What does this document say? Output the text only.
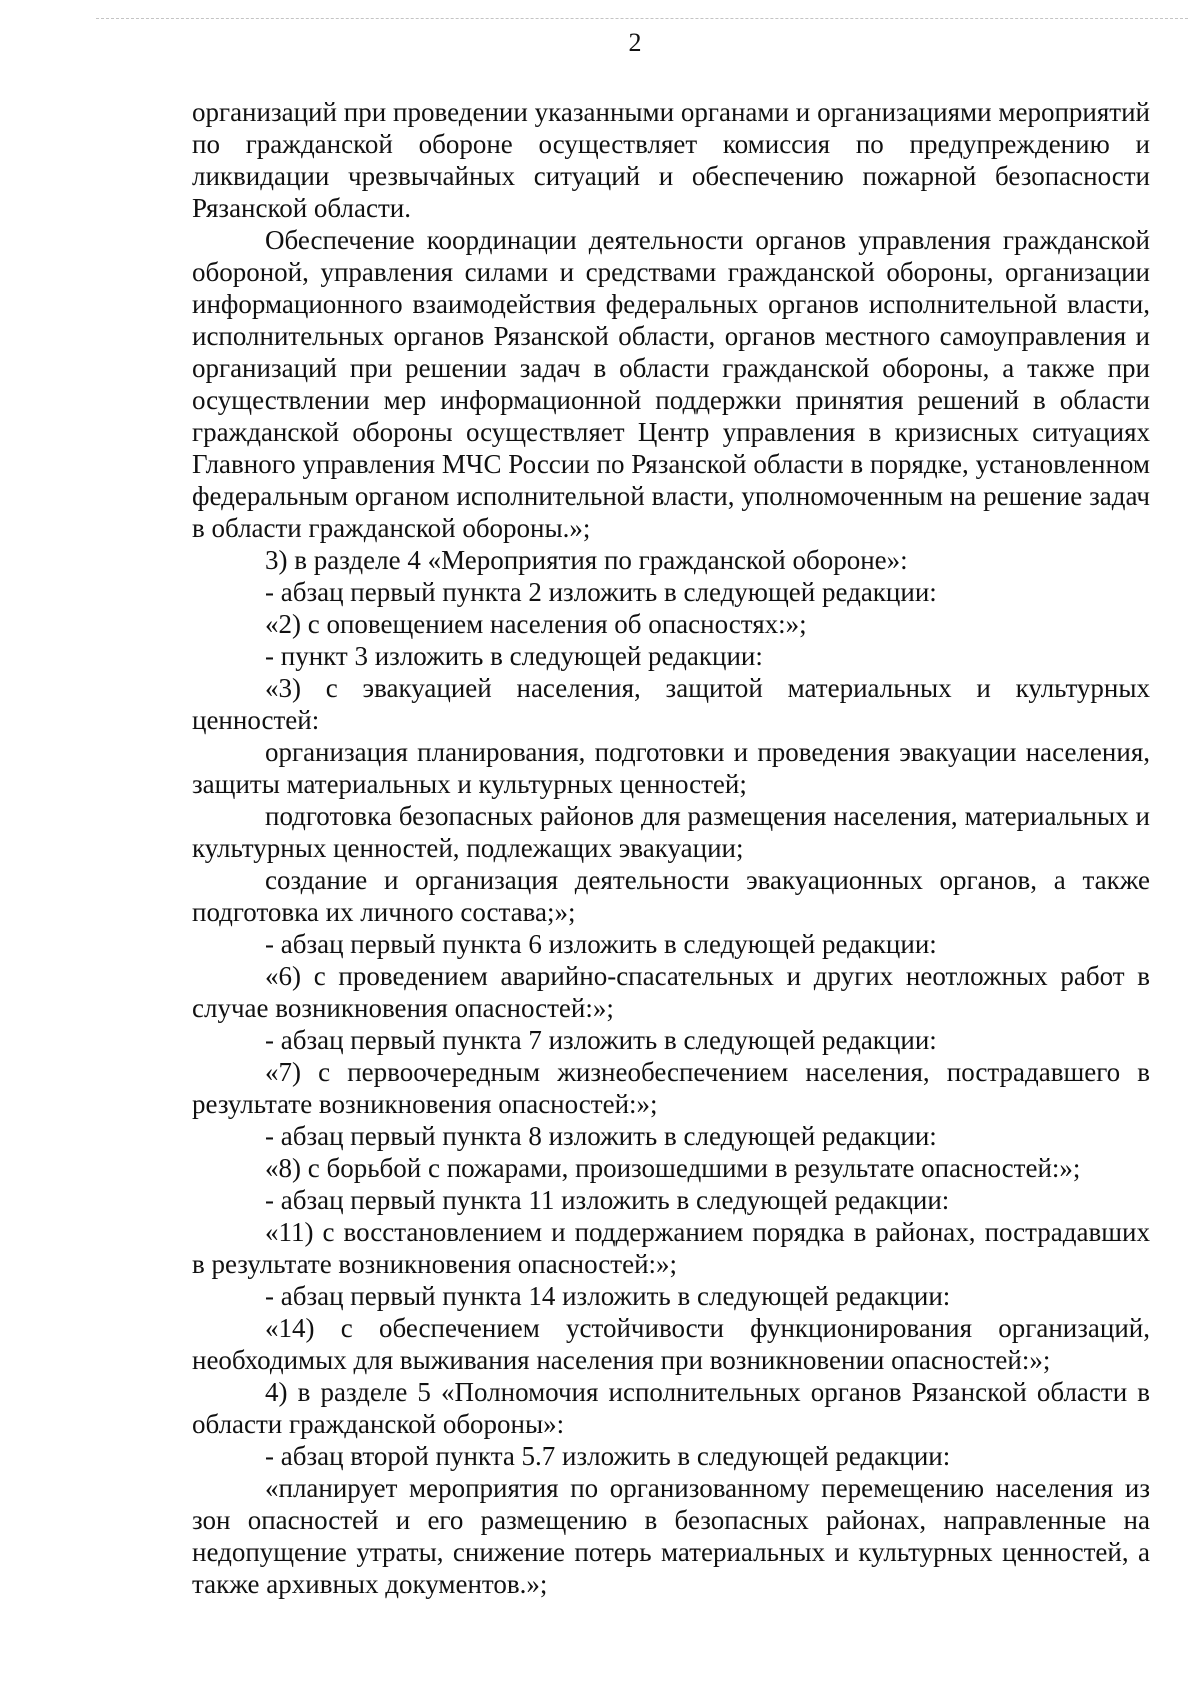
2

организаций при проведении указанными органами и организациями мероприятий по гражданской обороне осуществляет комиссия по предупреждению и ликвидации чрезвычайных ситуаций и обеспечению пожарной безопасности Рязанской области.

Обеспечение координации деятельности органов управления гражданской обороной, управления силами и средствами гражданской обороны, организации информационного взаимодействия федеральных органов исполнительной власти, исполнительных органов Рязанской области, органов местного самоуправления и организаций при решении задач в области гражданской обороны, а также при осуществлении мер информационной поддержки принятия решений в области гражданской обороны осуществляет Центр управления в кризисных ситуациях Главного управления МЧС России по Рязанской области в порядке, установленном федеральным органом исполнительной власти, уполномоченным на решение задач в области гражданской обороны.»;

3) в разделе 4 «Мероприятия по гражданской обороне»:

- абзац первый пункта 2 изложить в следующей редакции:

«2) с оповещением населения об опасностях:»;

- пункт 3 изложить в следующей редакции:

«3) с эвакуацией населения, защитой материальных и культурных ценностей:

организация планирования, подготовки и проведения эвакуации населения, защиты материальных и культурных ценностей;

подготовка безопасных районов для размещения населения, материальных и культурных ценностей, подлежащих эвакуации;

создание и организация деятельности эвакуационных органов, а также подготовка их личного состава;»;

- абзац первый пункта 6 изложить в следующей редакции:

«6) с проведением аварийно-спасательных и других неотложных работ в случае возникновения опасностей:»;

- абзац первый пункта 7 изложить в следующей редакции:

«7) с первоочередным жизнеобеспечением населения, пострадавшего в результате возникновения опасностей:»;

- абзац первый пункта 8 изложить в следующей редакции:

«8) с борьбой с пожарами, произошедшими в результате опасностей:»;

- абзац первый пункта 11 изложить в следующей редакции:

«11) с восстановлением и поддержанием порядка в районах, пострадавших в результате возникновения опасностей:»;

- абзац первый пункта 14 изложить в следующей редакции:

«14) с обеспечением устойчивости функционирования организаций, необходимых для выживания населения при возникновении опасностей:»;

4) в разделе 5 «Полномочия исполнительных органов Рязанской области в области гражданской обороны»:

- абзац второй пункта 5.7 изложить в следующей редакции:

«планирует мероприятия по организованному перемещению населения из зон опасностей и его размещению в безопасных районах, направленные на недопущение утраты, снижение потерь материальных и культурных ценностей, а также архивных документов.»;
